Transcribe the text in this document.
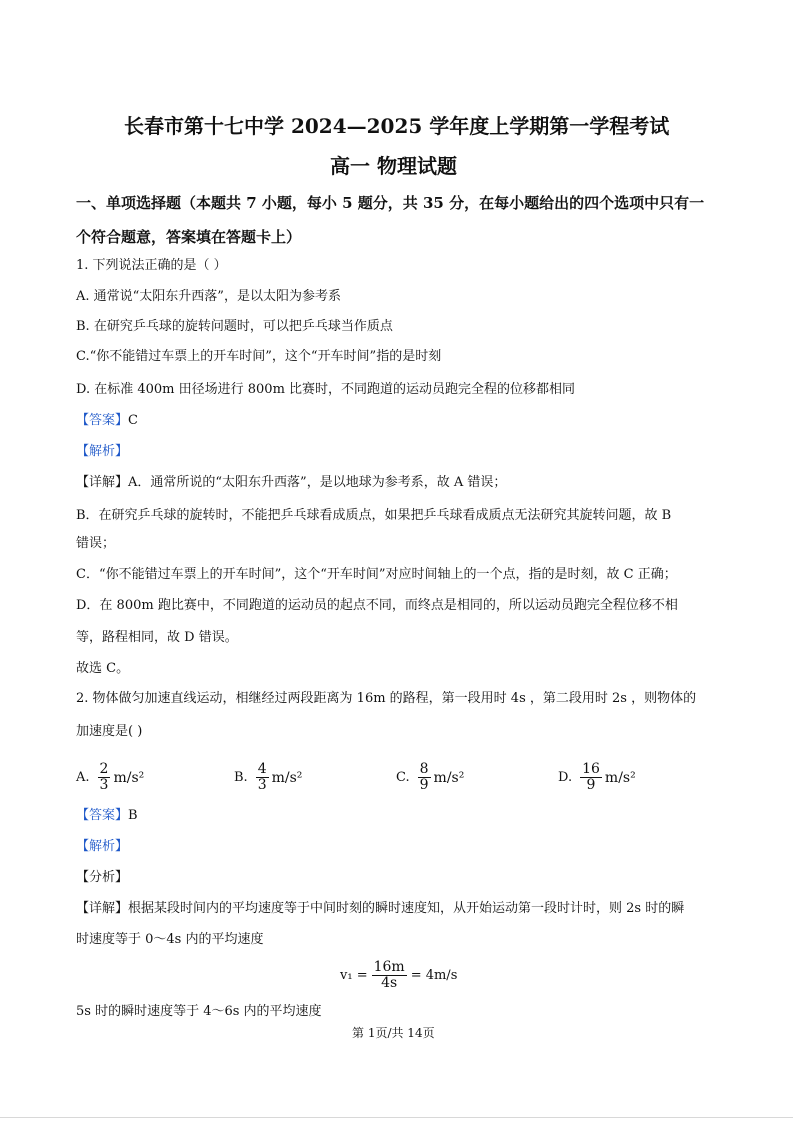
长春市第十七中学 2024—2025 学年度上学期第一学程考试
高一 物理试题
一、单项选择题（本题共 7 小题，每小 5 题分，共 35 分，在每小题给出的四个选项中只有一
个符合题意，答案填在答题卡上）
1. 下列说法正确的是（ ）
A. 通常说“太阳东升西落”，是以太阳为参考系
B. 在研究乒乓球的旋转问题时，可以把乒乓球当作质点
C.“你不能错过车票上的开车时间”，这个“开车时间”指的是时刻
D. 在标准 400m 田径场进行 800m 比赛时，不同跑道的运动员跑完全程的位移都相同
【答案】C
【解析】
【详解】A．通常所说的“太阳东升西落”，是以地球为参考系，故 A 错误；
B．在研究乒乓球的旋转时，不能把乒乓球看成质点，如果把乒乓球看成质点无法研究其旋转问题，故 B
错误；
C．“你不能错过车票上的开车时间”，这个“开车时间”对应时间轴上的一个点，指的是时刻，故 C 正确；
D．在 800m 跑比赛中，不同跑道的运动员的起点不同，而终点是相同的，所以运动员跑完全程位移不相
等，路程相同，故 D 错误。
故选 C。
2. 物体做匀加速直线运动，相继经过两段距离为 16m 的路程，第一段用时 4s ，第二段用时 2s ，则物体的
加速度是( )
A. $\frac{2}{3} m/s^2$	B. $\frac{4}{3} m/s^2$	C. $\frac{8}{9} m/s^2$	D. $\frac{16}{9} m/s^2$
【答案】B
【解析】
【分析】
【详解】根据某段时间内的平均速度等于中间时刻的瞬时速度知，从开始运动第一段时计时，则 2s 时的瞬
时速度等于 0～4s 内的平均速度
$v_1 = \frac{16m}{4s} = 4m/s$
5s 时的瞬时速度等于 4～6s 内的平均速度
第 1页/共 14页
